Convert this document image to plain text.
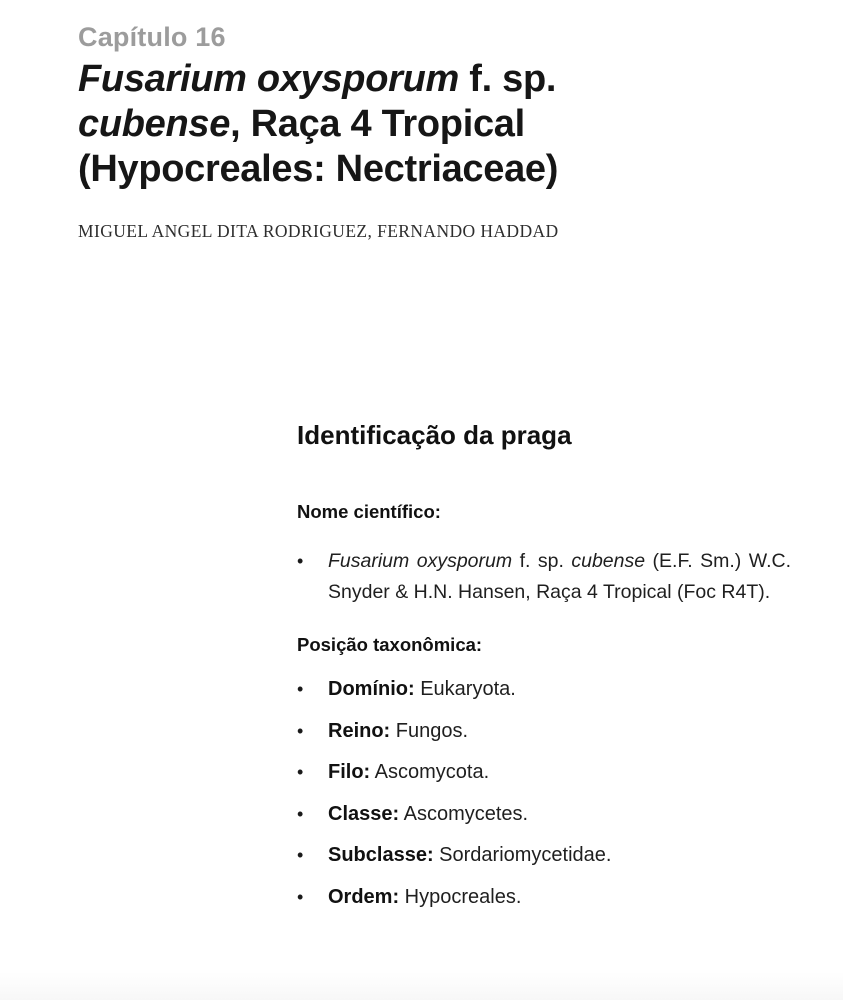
Capítulo 16
Fusarium oxysporum f. sp.
cubense, Raça 4 Tropical
(Hypocreales: Nectriaceae)
MIGUEL ANGEL DITA RODRIGUEZ, FERNANDO HADDAD
Identificação da praga
Nome científico:
•	Fusarium oxysporum f. sp. cubense (E.F. Sm.) W.C. Snyder & H.N. Hansen, Raça 4 Tropical (Foc R4T).
Posição taxonômica:
•	Domínio: Eukaryota.
•	Reino: Fungos.
•	Filo: Ascomycota.
•	Classe: Ascomycetes.
•	Subclasse: Sordariomycetidae.
•	Ordem: Hypocreales.
